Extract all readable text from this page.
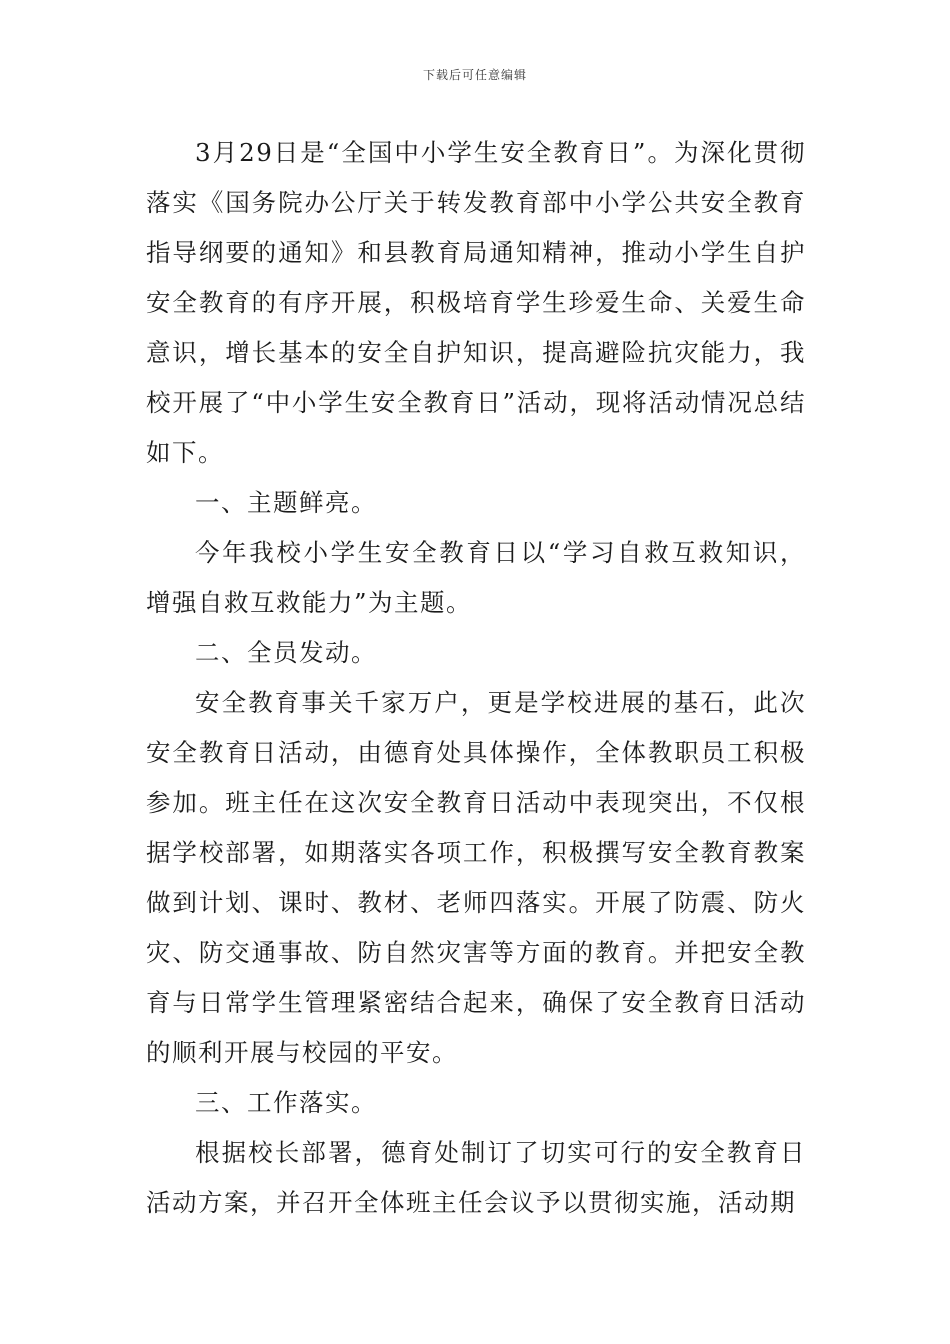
下载后可任意编辑

3月29日是“全国中小学生安全教育日”。为深化贯彻落实《国务院办公厅关于转发教育部中小学公共安全教育指导纲要的通知》和县教育局通知精神，推动小学生自护安全教育的有序开展，积极培育学生珍爱生命、关爱生命意识，增长基本的安全自护知识，提高避险抗灾能力，我校开展了“中小学生安全教育日”活动，现将活动情况总结如下。

一、主题鲜亮。

今年我校小学生安全教育日以“学习自救互救知识，增强自救互救能力”为主题。

二、全员发动。

安全教育事关千家万户，更是学校进展的基石，此次安全教育日活动，由德育处具体操作，全体教职员工积极参加。班主任在这次安全教育日活动中表现突出，不仅根据学校部署，如期落实各项工作，积极撰写安全教育教案做到计划、课时、教材、老师四落实。开展了防震、防火灾、防交通事故、防自然灾害等方面的教育。并把安全教育与日常学生管理紧密结合起来，确保了安全教育日活动的顺利开展与校园的平安。

三、工作落实。

根据校长部署，德育处制订了切实可行的安全教育日活动方案，并召开全体班主任会议予以贯彻实施，活动期
